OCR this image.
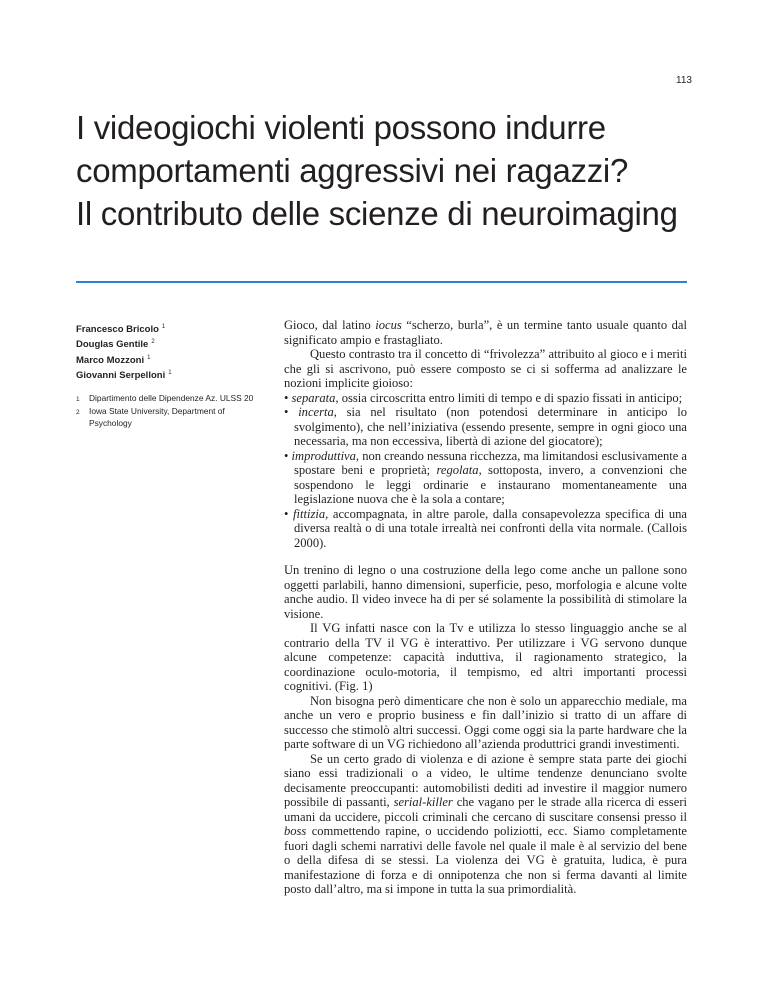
113
I videogiochi violenti possono indurre
comportamenti aggressivi nei ragazzi?
Il contributo delle scienze di neuroimaging
Francesco Bricolo $^1$
Douglas Gentile $^2$
Marco Mozzoni $^1$
Giovanni Serpelloni $^1$
1	Dipartimento delle Dipendenze Az. ULSS 20
2	Iowa State University, Department of Psychology

Gioco, dal latino iocus “scherzo, burla”, è un termine tanto usuale quanto dal significato ampio e frastagliato.

Questo contrasto tra il concetto di “frivolezza” attribuito al gioco e i meriti che gli si ascrivono, può essere composto se ci si sofferma ad analizzare le nozioni implicite gioioso:

• separata, ossia circoscritta entro limiti di tempo e di spazio fissati in anticipo;
• incerta, sia nel risultato (non potendosi determinare in anticipo lo svolgimento), che nell’iniziativa (essendo presente, sempre in ogni gioco una necessaria, ma non eccessiva, libertà di azione del giocatore);
• improduttiva, non creando nessuna ricchezza, ma limitandosi esclusivamente a spostare beni e proprietà; regolata, sottoposta, invero, a convenzioni che sospendono le leggi ordinarie e instaurano momentaneamente una legislazione nuova che è la sola a contare;
• fittizia, accompagnata, in altre parole, dalla consapevolezza specifica di una diversa realtà o di una totale irrealtà nei confronti della vita normale. (Callois 2000).

Un trenino di legno o una costruzione della lego come anche un pallone sono oggetti parlabili, hanno dimensioni, superficie, peso, morfologia e alcune volte anche audio. Il video invece ha di per sé solamente la possibilità di stimolare la visione.

Il VG infatti nasce con la Tv e utilizza lo stesso linguaggio anche se al contrario della TV il VG è interattivo. Per utilizzare i VG servono dunque alcune competenze: capacità induttiva, il ragionamento strategico, la coordinazione oculo-motoria, il tempismo, ed altri importanti processi cognitivi. (Fig. 1)

Non bisogna però dimenticare che non è solo un apparecchio mediale, ma anche un vero e proprio business e fin dall’inizio si tratto di un affare di successo che stimolò altri successi. Oggi come oggi sia la parte hardware che la parte software di un VG richiedono all’azienda produttrici grandi investimenti.

Se un certo grado di violenza e di azione è sempre stata parte dei giochi siano essi tradizionali o a video, le ultime tendenze denunciano svolte decisamente preoccupanti: automobilisti dediti ad investire il maggior numero possibile di passanti, serial-killer che vagano per le strade alla ricerca di esseri umani da uccidere, piccoli criminali che cercano di suscitare consensi presso il boss commettendo rapine, o uccidendo poliziotti, ecc. Siamo completamente fuori dagli schemi narrativi delle favole nel quale il male è al servizio del bene o della difesa di se stessi. La violenza dei VG è gratuita, ludica, è pura manifestazione di forza e di onnipotenza che non si ferma davanti al limite posto dall’altro, ma si impone in tutta la sua primordialità.
